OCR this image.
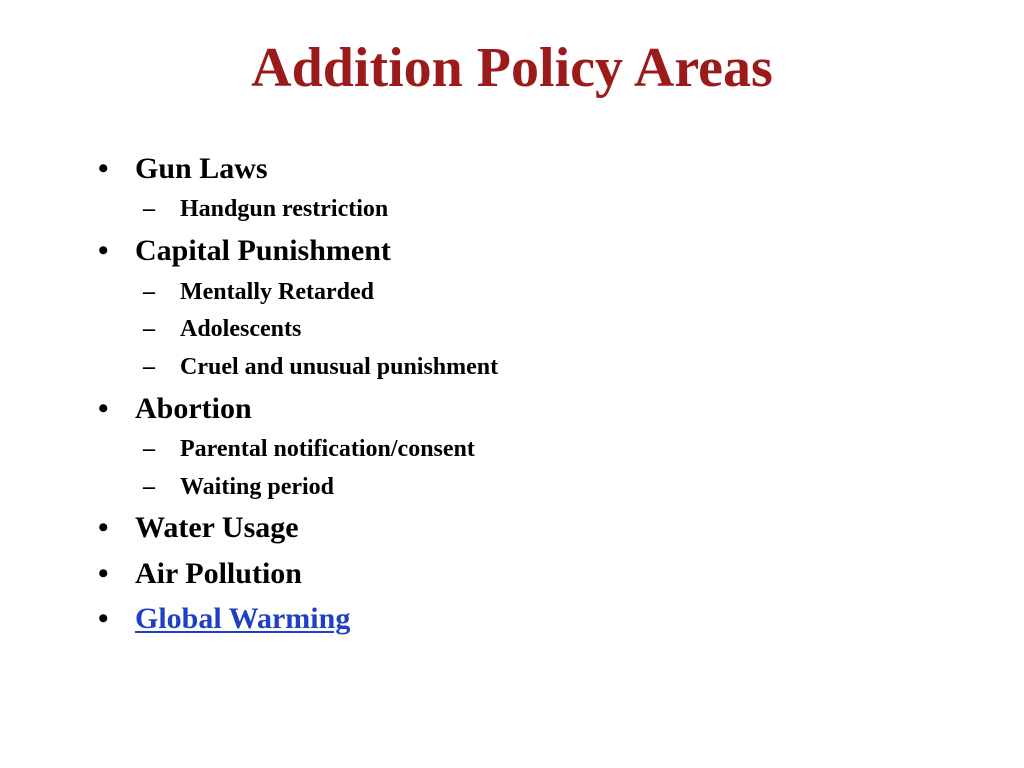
Addition Policy Areas
• Gun Laws
– Handgun restriction
• Capital Punishment
– Mentally Retarded
– Adolescents
– Cruel and unusual punishment
• Abortion
– Parental notification/consent
– Waiting period
• Water Usage
• Air Pollution
• Global Warming
